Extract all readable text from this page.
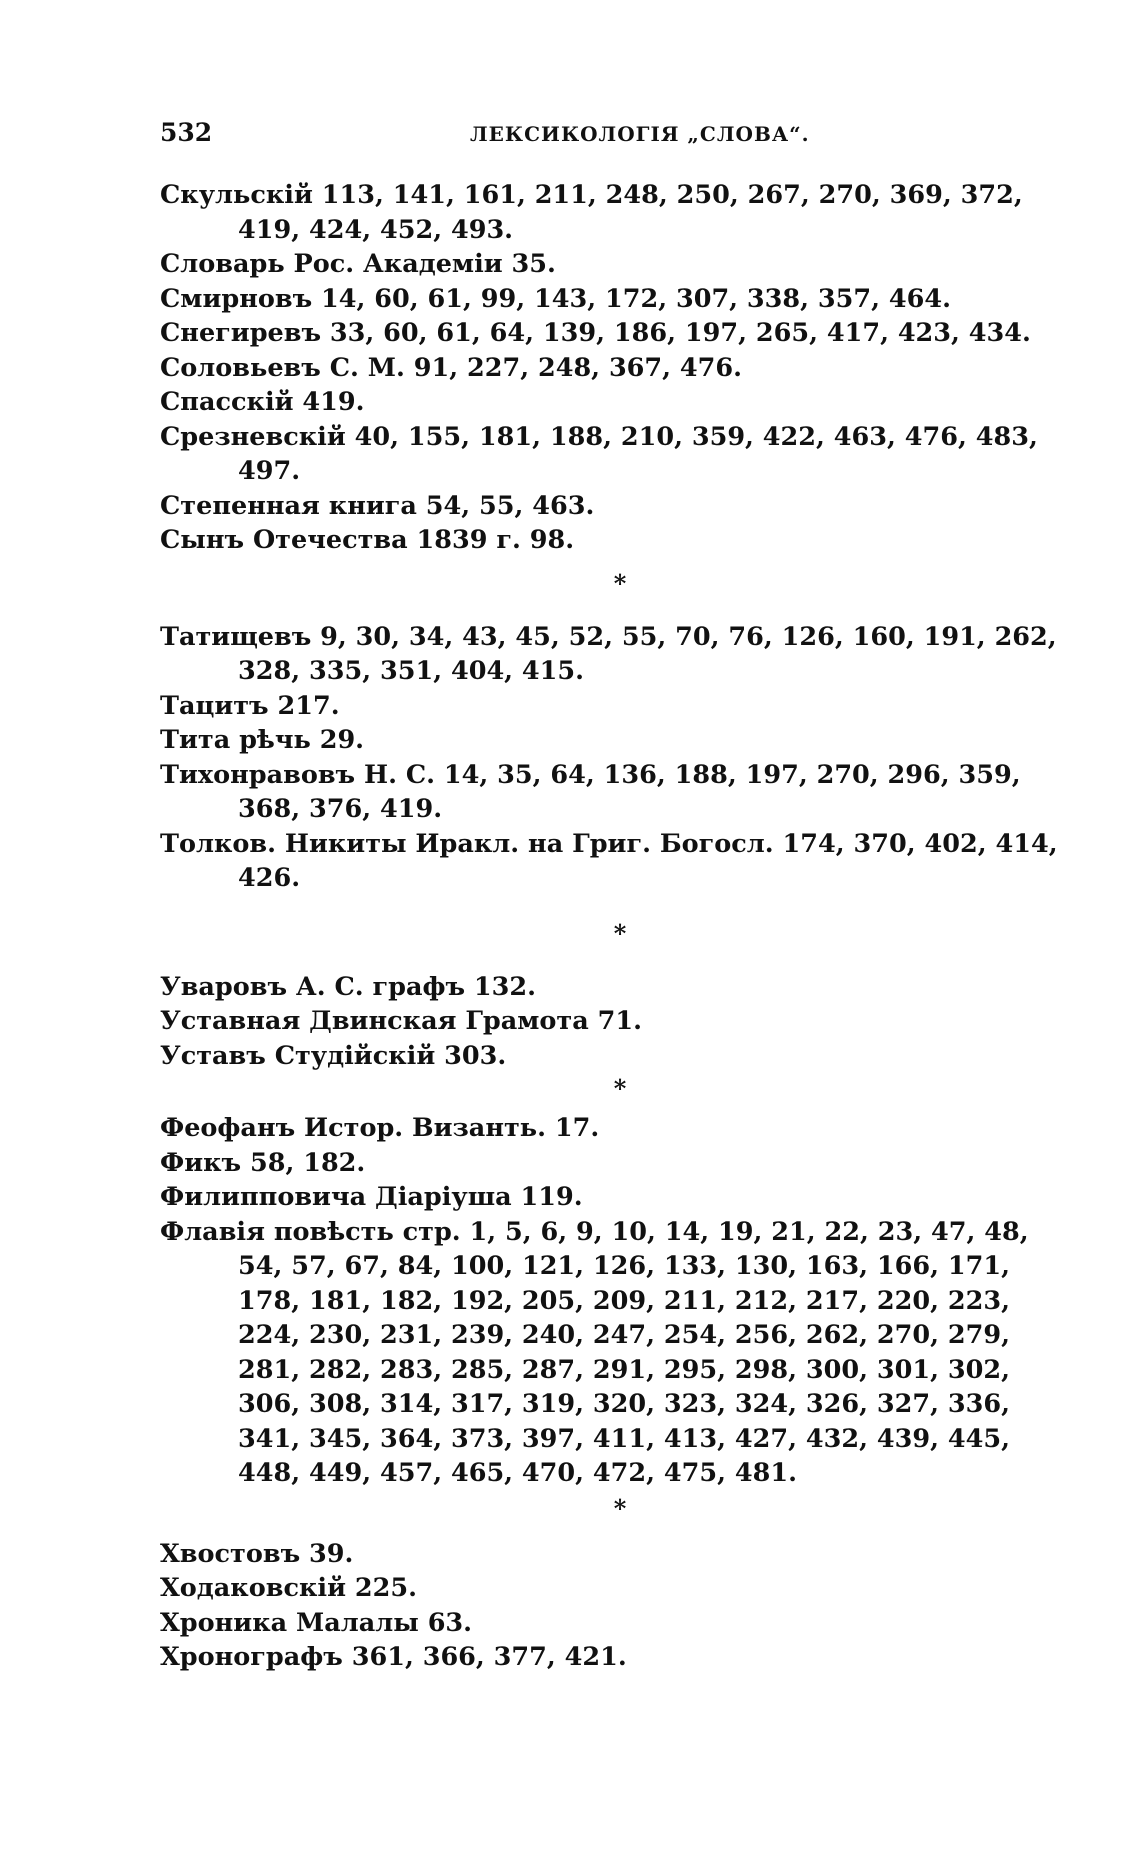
532	ЛЕКСИКОЛОГІЯ „СЛОВА“.
Скульскій 113, 141, 161, 211, 248, 250, 267, 270, 369, 372, 419, 424, 452, 493.
Словарь Рос. Академіи 35.
Смирновъ 14, 60, 61, 99, 143, 172, 307, 338, 357, 464.
Снегиревъ 33, 60, 61, 64, 139, 186, 197, 265, 417, 423, 434.
Соловьевъ С. М. 91, 227, 248, 367, 476.
Спасскій 419.
Срезневскій 40, 155, 181, 188, 210, 359, 422, 463, 476, 483, 497.
Степенная книга 54, 55, 463.
Сынъ Отечества 1839 г. 98.
*
Татищевъ 9, 30, 34, 43, 45, 52, 55, 70, 76, 126, 160, 191, 262, 328, 335, 351, 404, 415.
Тацитъ 217.
Тита рѣчь 29.
Тихонравовъ Н. С. 14, 35, 64, 136, 188, 197, 270, 296, 359, 368, 376, 419.
Толков. Никиты Иракл. на Григ. Богосл. 174, 370, 402, 414, 426.
*
Уваровъ А. С. графъ 132.
Уставная Двинская Грамота 71.
Уставъ Студійскій 303.
*
Феофанъ Истор. Византь. 17.
Фикъ 58, 182.
Филипповича Діаріуша 119.
Флавія повѣсть стр. 1, 5, 6, 9, 10, 14, 19, 21, 22, 23, 47, 48, 54, 57, 67, 84, 100, 121, 126, 133, 130, 163, 166, 171, 178, 181, 182, 192, 205, 209, 211, 212, 217, 220, 223, 224, 230, 231, 239, 240, 247, 254, 256, 262, 270, 279, 281, 282, 283, 285, 287, 291, 295, 298, 300, 301, 302, 306, 308, 314, 317, 319, 320, 323, 324, 326, 327, 336, 341, 345, 364, 373, 397, 411, 413, 427, 432, 439, 445, 448, 449, 457, 465, 470, 472, 475, 481.
*
Хвостовъ 39.
Ходаковскій 225.
Хроника Малалы 63.
Хронографъ 361, 366, 377, 421.
